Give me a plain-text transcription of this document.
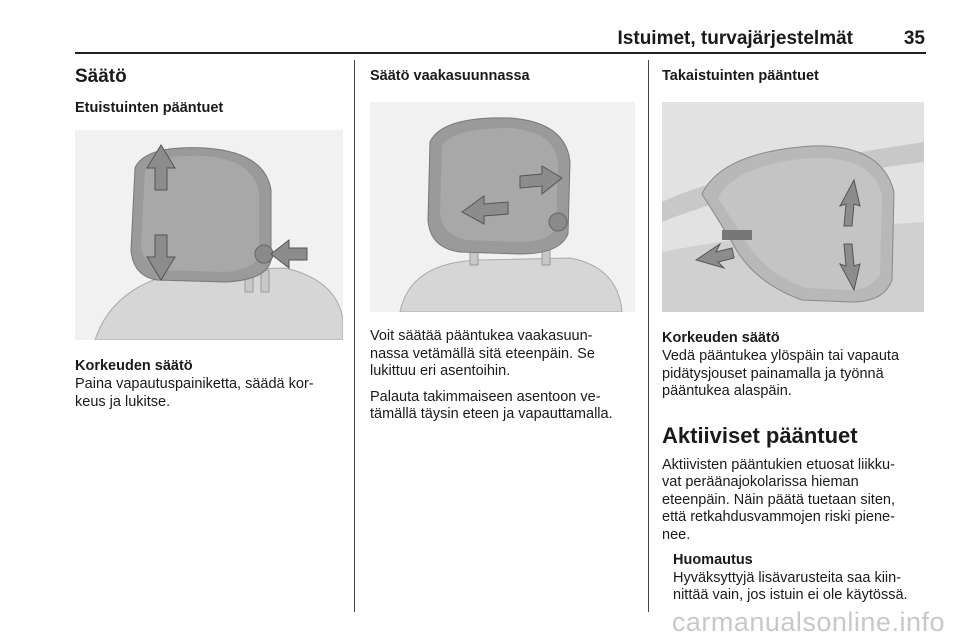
Istuimet, turvajärjestelmät	35
Säätö
Etuistuinten pääntuet
Korkeuden säätö
Paina vapautuspainiketta, säädä kor-
keus ja lukitse.
Säätö vaakasuunnassa
Voit säätää pääntukea vaakasuun-
nassa vetämällä sitä eteenpäin. Se
lukittuu eri asentoihin.
Palauta takimmaiseen asentoon ve-
tämällä täysin eteen ja vapauttamalla.
Takaistuinten pääntuet
Korkeuden säätö
Vedä pääntukea ylöspäin tai vapauta
pidätysjouset painamalla ja työnnä
pääntukea alaspäin.
Aktiiviset pääntuet
Aktiivisten pääntukien etuosat liikku-
vat peräänajokolarissa hieman
eteenpäin. Näin päätä tuetaan siten,
että retkahdusvammojen riski piene-
nee.
Huomautus
Hyväksyttyjä lisävarusteita saa kiin-
nittää vain, jos istuin ei ole käytössä.
carmanualsonline.info
